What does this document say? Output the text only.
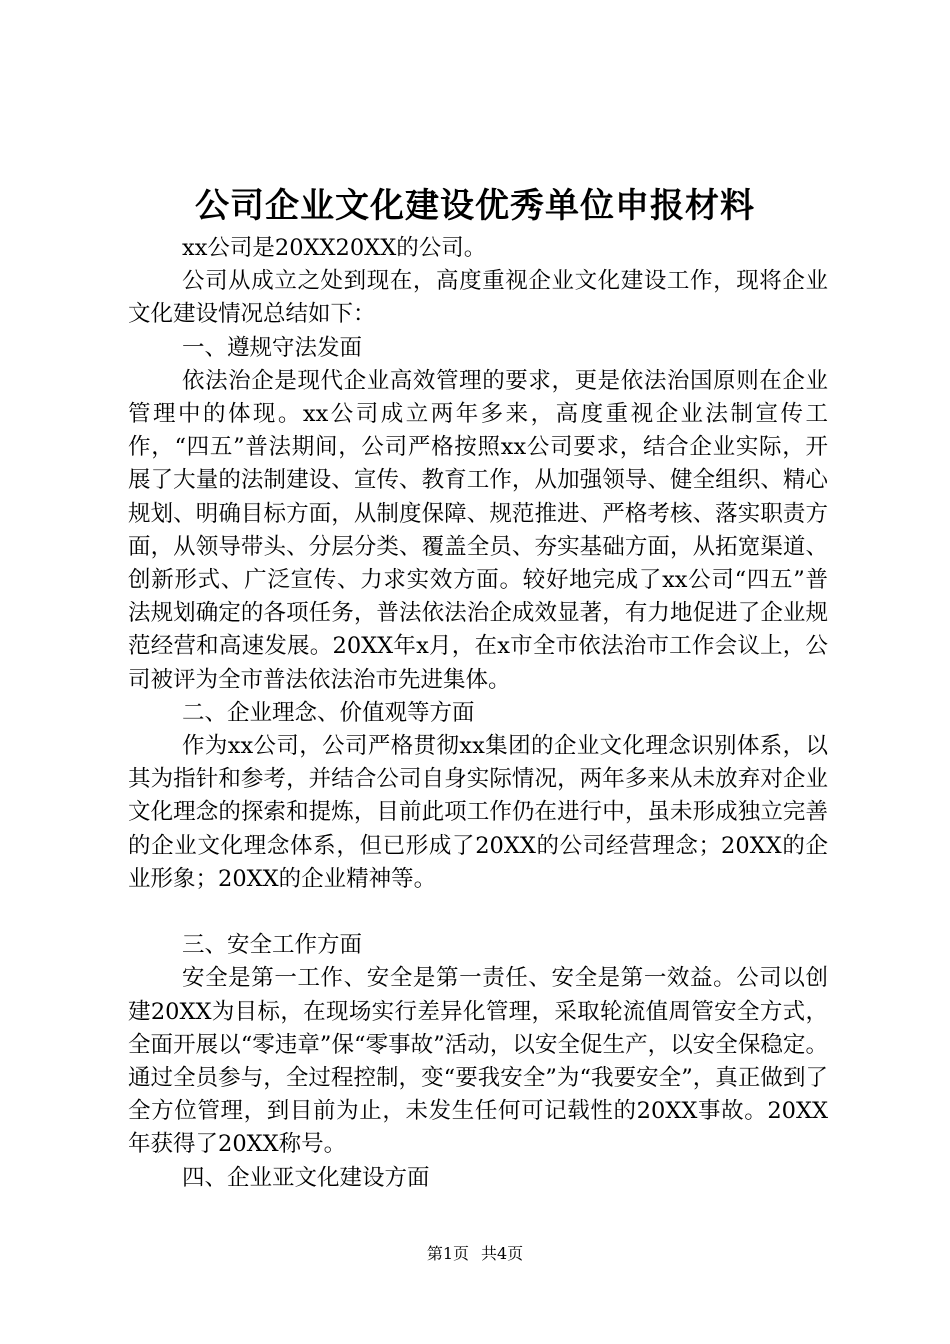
公司企业文化建设优秀单位申报材料

xx公司是20XX20XX的公司。

公司从成立之处到现在，高度重视企业文化建设工作，现将企业文化建设情况总结如下：

一、遵规守法发面

依法治企是现代企业高效管理的要求，更是依法治国原则在企业管理中的体现。xx公司成立两年多来，高度重视企业法制宣传工作，“四五”普法期间，公司严格按照xx公司要求，结合企业实际，开展了大量的法制建设、宣传、教育工作，从加强领导、健全组织、精心规划、明确目标方面，从制度保障、规范推进、严格考核、落实职责方面，从领导带头、分层分类、覆盖全员、夯实基础方面，从拓宽渠道、创新形式、广泛宣传、力求实效方面。较好地完成了xx公司“四五”普法规划确定的各项任务，普法依法治企成效显著，有力地促进了企业规范经营和高速发展。20XX年x月，在x市全市依法治市工作会议上，公司被评为全市普法依法治市先进集体。

二、企业理念、价值观等方面

作为xx公司，公司严格贯彻xx集团的企业文化理念识别体系，以其为指针和参考，并结合公司自身实际情况，两年多来从未放弃对企业文化理念的探索和提炼，目前此项工作仍在进行中，虽未形成独立完善的企业文化理念体系，但已形成了20XX的公司经营理念；20XX的企业形象；20XX的企业精神等。

三、安全工作方面

安全是第一工作、安全是第一责任、安全是第一效益。公司以创建20XX为目标，在现场实行差异化管理，采取轮流值周管安全方式，全面开展以“零违章”保“零事故”活动，以安全促生产，以安全保稳定。通过全员参与，全过程控制，变“要我安全”为“我要安全”，真正做到了全方位管理，到目前为止，未发生任何可记载性的20XX事故。20XX年获得了20XX称号。

四、企业亚文化建设方面

第1页 共4页
